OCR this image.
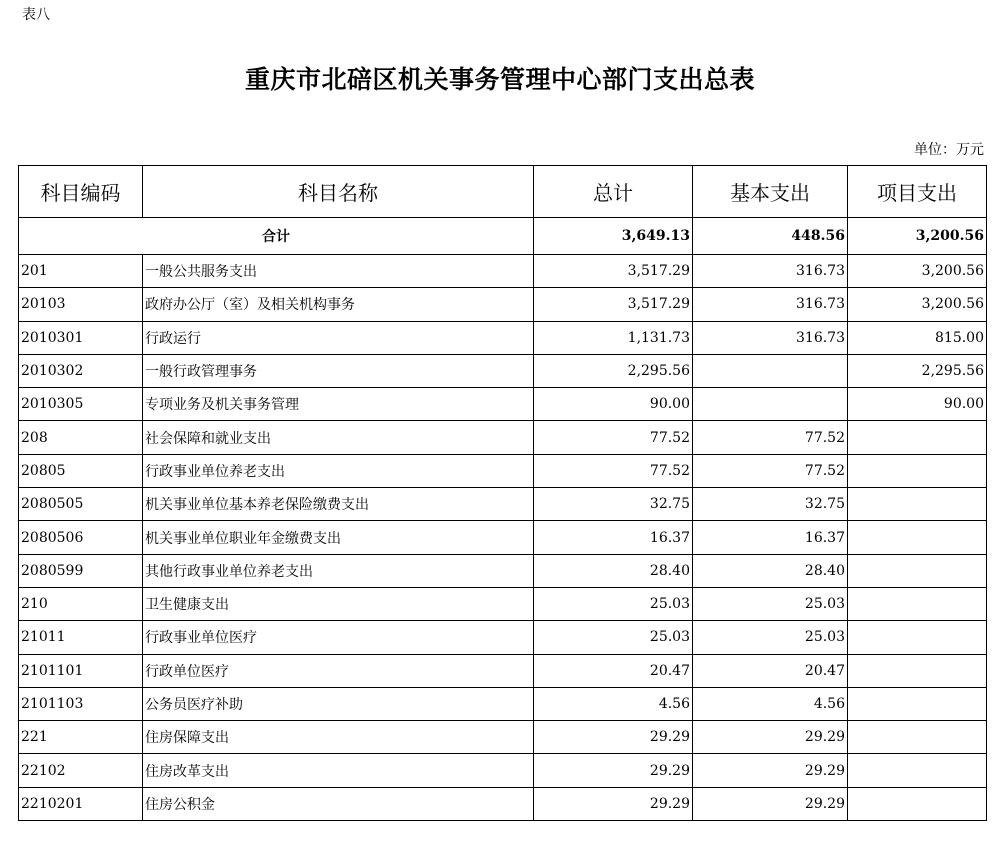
表八
重庆市北碚区机关事务管理中心部门支出总表
单位：万元
科目编码	科目名称	总计	基本支出	项目支出
合计		3,649.13	448.56	3,200.56
201	一般公共服务支出	3,517.29	316.73	3,200.56
20103	政府办公厅（室）及相关机构事务	3,517.29	316.73	3,200.56
2010301	行政运行	1,131.73	316.73	815.00
2010302	一般行政管理事务	2,295.56		2,295.56
2010305	专项业务及机关事务管理	90.00		90.00
208	社会保障和就业支出	77.52	77.52	
20805	行政事业单位养老支出	77.52	77.52	
2080505	机关事业单位基本养老保险缴费支出	32.75	32.75	
2080506	机关事业单位职业年金缴费支出	16.37	16.37	
2080599	其他行政事业单位养老支出	28.40	28.40	
210	卫生健康支出	25.03	25.03	
21011	行政事业单位医疗	25.03	25.03	
2101101	行政单位医疗	20.47	20.47	
2101103	公务员医疗补助	4.56	4.56	
221	住房保障支出	29.29	29.29	
22102	住房改革支出	29.29	29.29	
2210201	住房公积金	29.29	29.29	
